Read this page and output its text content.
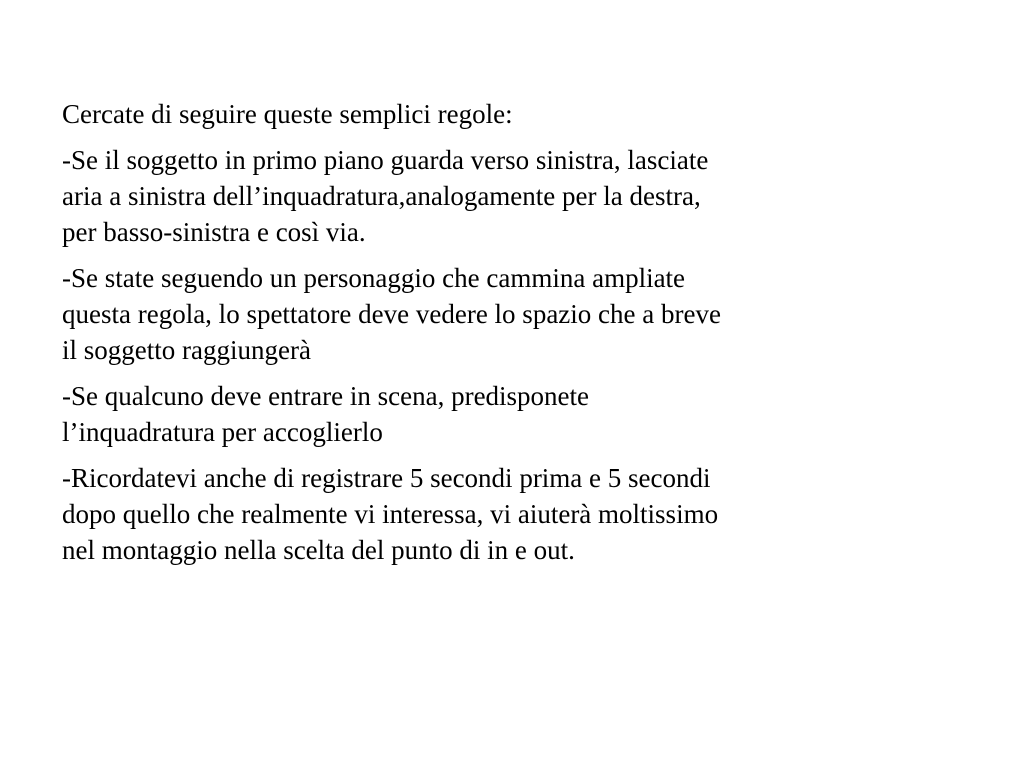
Cercate di seguire queste semplici regole:

-Se il soggetto in primo piano guarda verso sinistra, lasciate
aria a sinistra dell’inquadratura,analogamente per la destra,
per basso-sinistra e così via.

-Se state seguendo un personaggio che cammina ampliate
questa regola, lo spettatore deve vedere lo spazio che a breve
il soggetto raggiungerà

-Se qualcuno deve entrare in scena, predisponete
l’inquadratura per accoglierlo

-Ricordatevi anche di registrare 5 secondi prima e 5 secondi
dopo quello che realmente vi interessa, vi aiuterà moltissimo
nel montaggio nella scelta del punto di in e out.
